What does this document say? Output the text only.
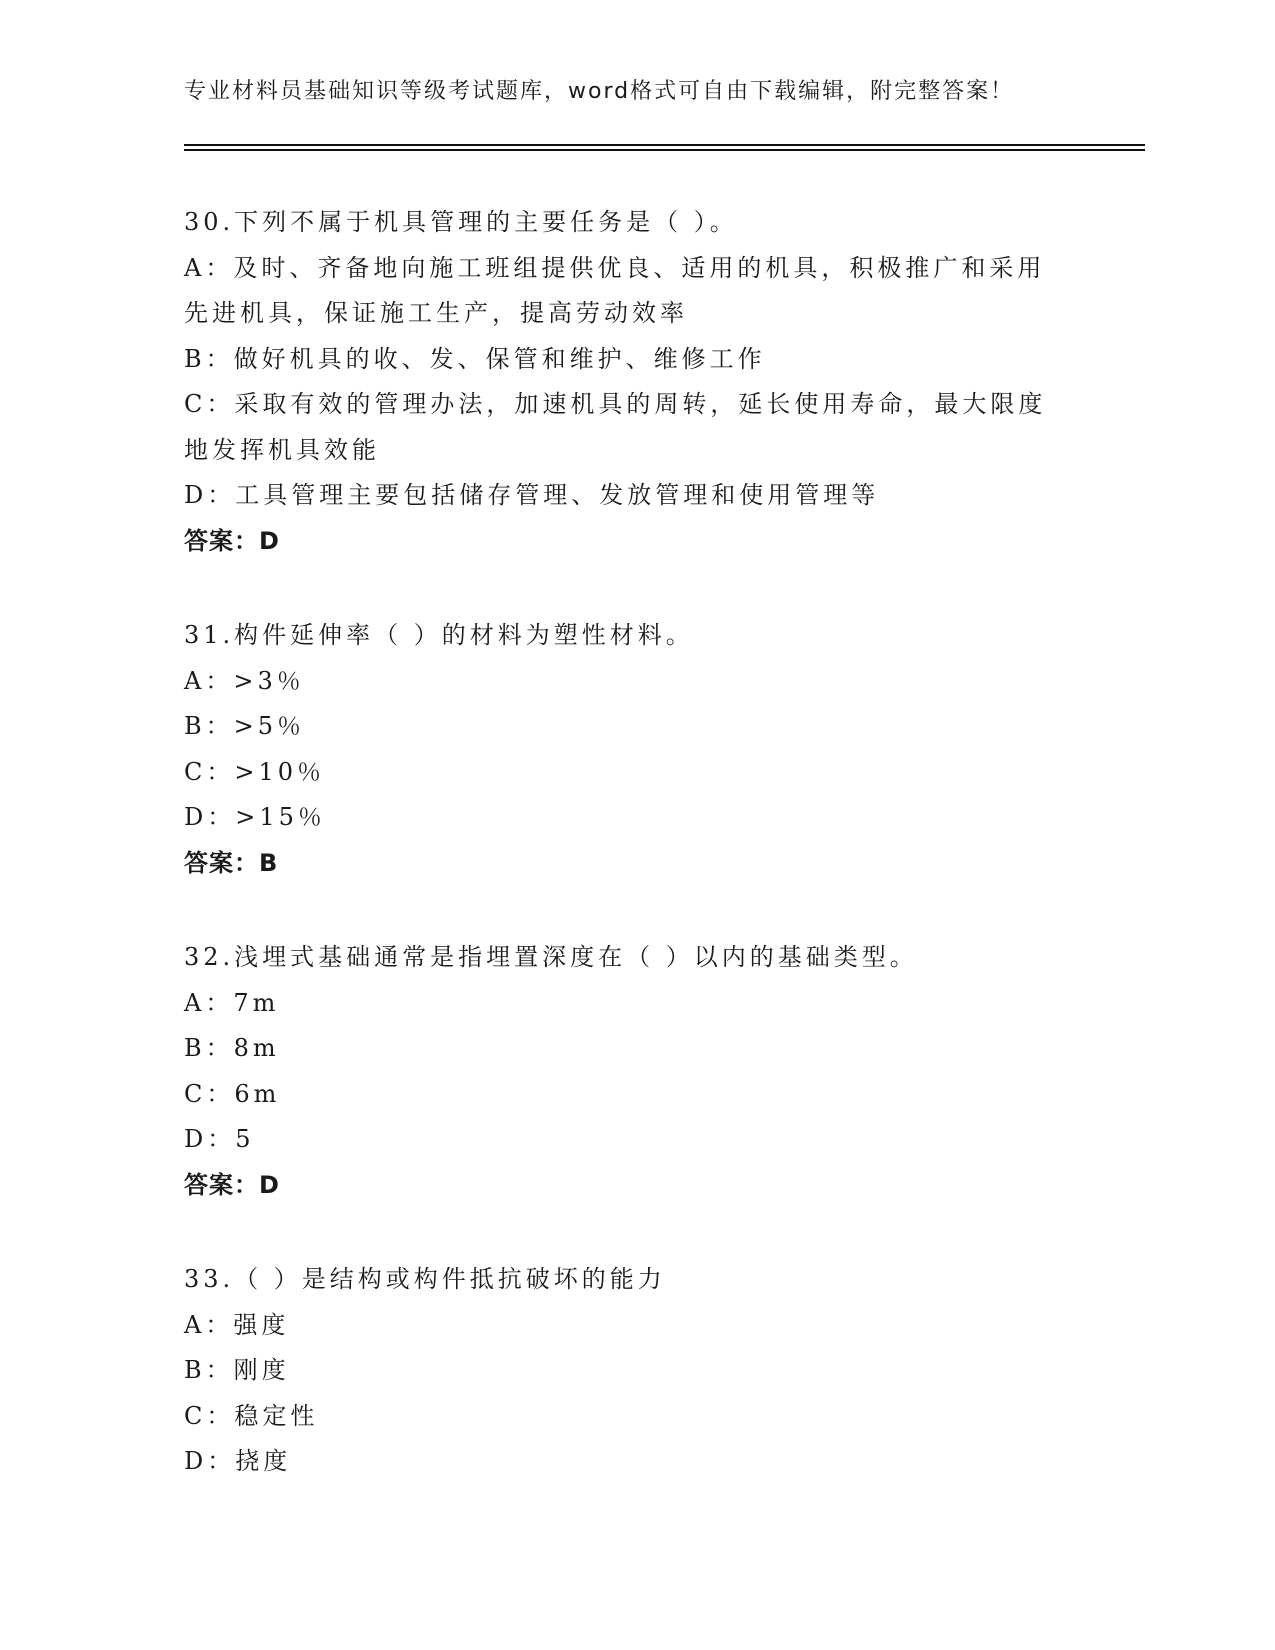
专业材料员基础知识等级考试题库，word格式可自由下载编辑，附完整答案！
30.下列不属于机具管理的主要任务是（ ）。
A：及时、齐备地向施工班组提供优良、适用的机具，积极推广和采用
先进机具，保证施工生产，提高劳动效率
B：做好机具的收、发、保管和维护、维修工作
C：采取有效的管理办法，加速机具的周转，延长使用寿命，最大限度
地发挥机具效能
D：工具管理主要包括储存管理、发放管理和使用管理等
答案：D
31.构件延伸率（ ）的材料为塑性材料。
A：>3％
B：>5％
C：>10％
D：>15％
答案：B
32.浅埋式基础通常是指埋置深度在（ ）以内的基础类型。
A：7m
B：8m
C：6m
D：5
答案：D
33.（ ）是结构或构件抵抗破坏的能力
A：强度
B：刚度
C：稳定性
D：挠度
